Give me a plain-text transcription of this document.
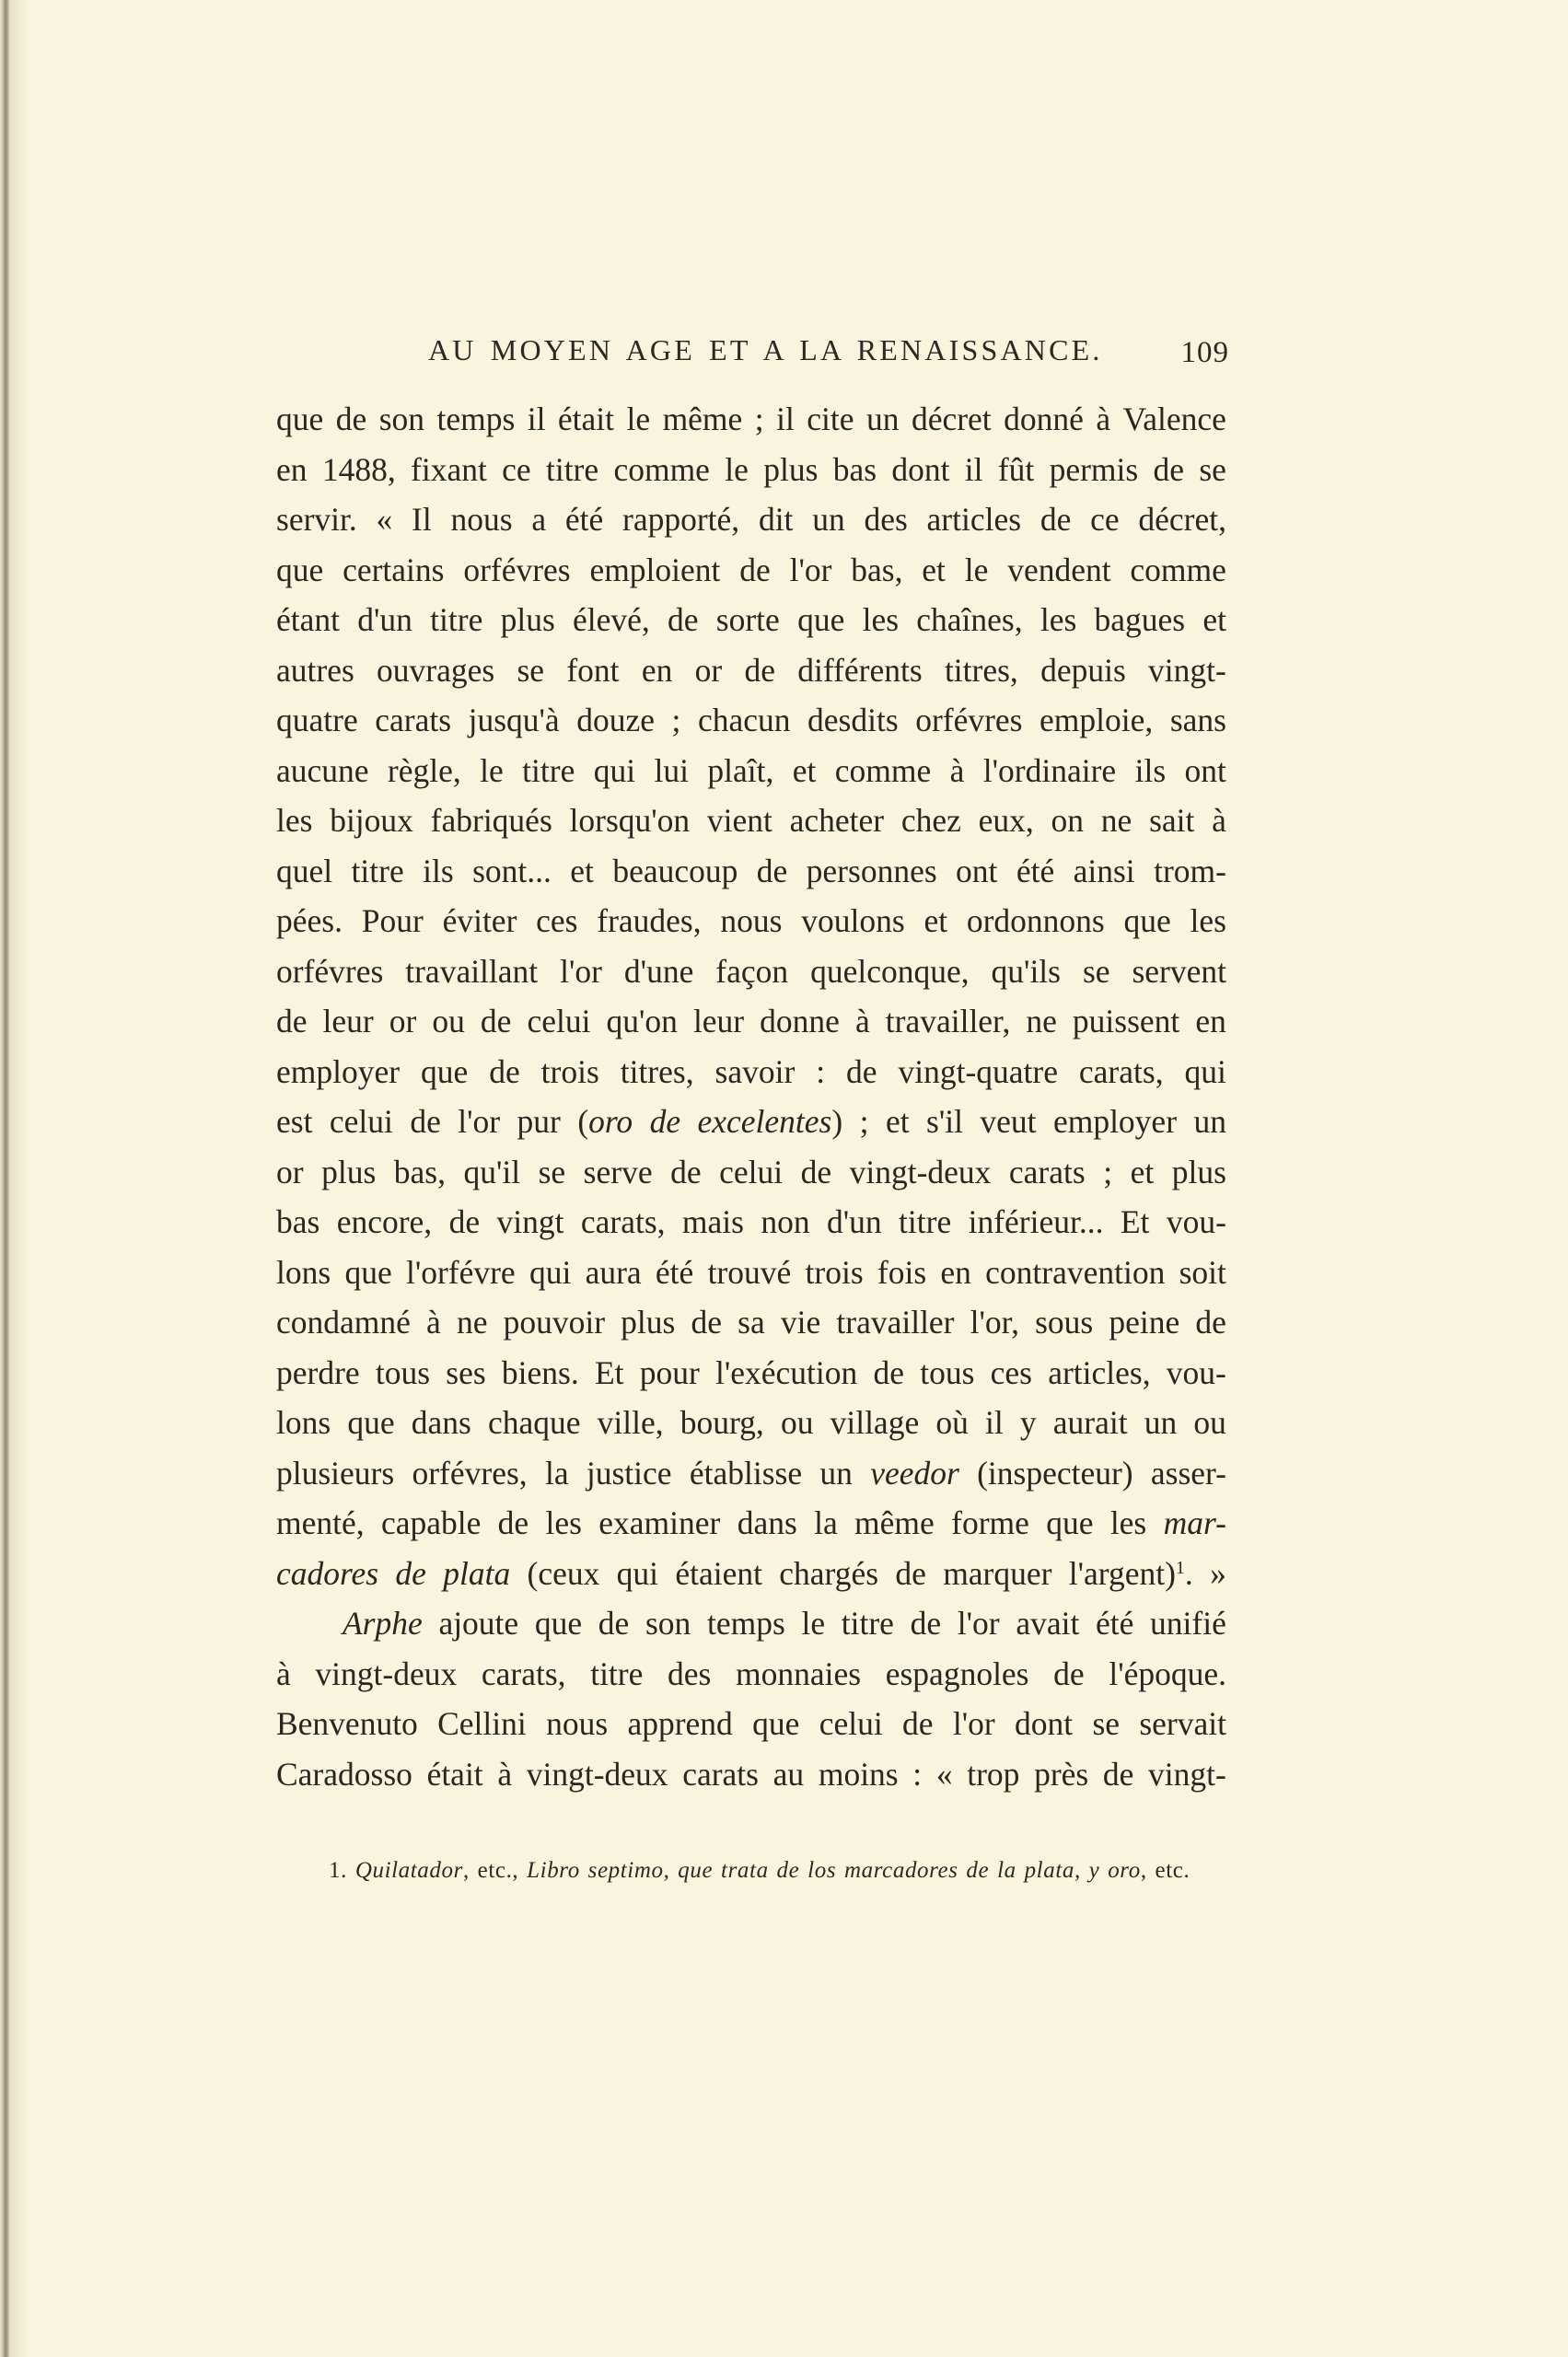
AU MOYEN AGE ET A LA RENAISSANCE.	109
que de son temps il était le même ; il cite un décret donné à Valence
en 1488, fixant ce titre comme le plus bas dont il fût permis de se
servir. « Il nous a été rapporté, dit un des articles de ce décret,
que certains orfévres emploient de l'or bas, et le vendent comme
étant d'un titre plus élevé, de sorte que les chaînes, les bagues et
autres ouvrages se font en or de différents titres, depuis vingt-
quatre carats jusqu'à douze ; chacun desdits orfévres emploie, sans
aucune règle, le titre qui lui plaît, et comme à l'ordinaire ils ont
les bijoux fabriqués lorsqu'on vient acheter chez eux, on ne sait à
quel titre ils sont... et beaucoup de personnes ont été ainsi trom-
pées. Pour éviter ces fraudes, nous voulons et ordonnons que les
orfévres travaillant l'or d'une façon quelconque, qu'ils se servent
de leur or ou de celui qu'on leur donne à travailler, ne puissent en
employer que de trois titres, savoir : de vingt-quatre carats, qui
est celui de l'or pur (oro de excelentes) ; et s'il veut employer un
or plus bas, qu'il se serve de celui de vingt-deux carats ; et plus
bas encore, de vingt carats, mais non d'un titre inférieur... Et vou-
lons que l'orfévre qui aura été trouvé trois fois en contravention soit
condamné à ne pouvoir plus de sa vie travailler l'or, sous peine de
perdre tous ses biens. Et pour l'exécution de tous ces articles, vou-
lons que dans chaque ville, bourg, ou village où il y aurait un ou
plusieurs orfévres, la justice établisse un veedor (inspecteur) asser-
menté, capable de les examiner dans la même forme que les mar-
cadores de plata (ceux qui étaient chargés de marquer l'argent)$^1$. »
Arphe ajoute que de son temps le titre de l'or avait été unifié
à vingt-deux carats, titre des monnaies espagnoles de l'époque.
Benvenuto Cellini nous apprend que celui de l'or dont se servait
Caradosso était à vingt-deux carats au moins : « trop près de vingt-
1. Quilatador, etc., Libro septimo, que trata de los marcadores de la plata, y oro, etc.
